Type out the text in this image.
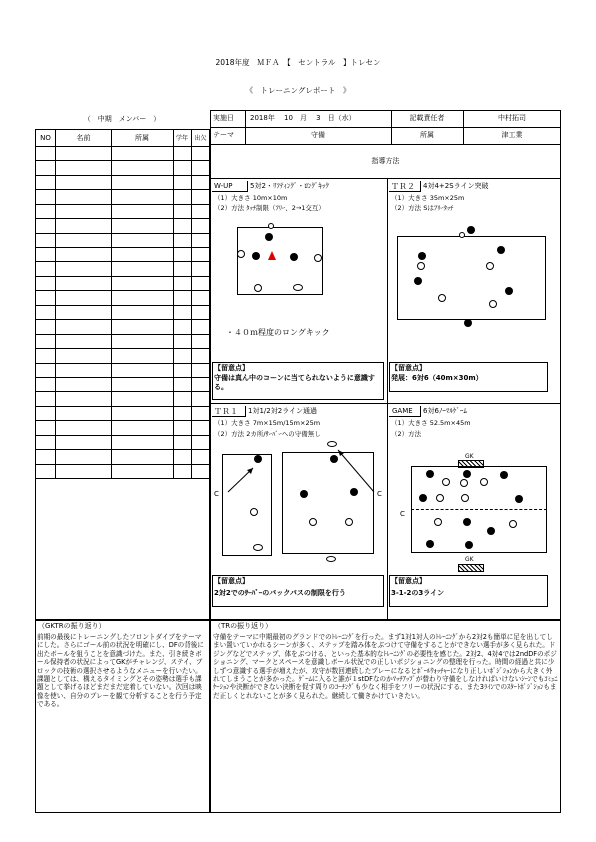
2018年度　ＭＦＡ　【　セントラル　】トレセン
《　トレーニングレポート　》
（　中期　メンバー　）
NO	名前	所属	学年	出欠
実施日 2018年　 10　月　 3　日（水）	記載責任者	中村拓司
テーマ	守備	所属	津工業
指導方法
W-UP 5対2・ﾘﾌﾃｨﾝｸﾞ・ﾛﾝｸﾞｷｯｸ
（1）大きさ 10m×10m
（2）方法 ﾀｯﾁ制限（ﾌﾘｰ、2→1交互）
・４０ｍ程度のロングキック
【留意点】
守備は真ん中のコーンに当てられないように意識する。
ＴＲ２ 4対4+2Sライン突破
（1）大きさ 35m×25m
（2）方法 Sはﾌﾘｰﾀｯﾁ
【留意点】
発展：6対6（40m×30m）
ＴＲ１ 1対1/2対2ライン通過
（1）大きさ 7m×15m/15m×25m
（2）方法 2カ所/ｻｰﾊﾞｰへの守備無し
C	C
【留意点】
2対2でのｻｰﾊﾞｰのバックパスの制限を行う
GAME 6対6ﾉｰﾏﾙｹﾞｰﾑ
（1）大きさ 52.5m×45m
（2）方法
GK
GK
C
【留意点】
3-1-2の3ライン
（GKTRの振り返り）
前期の最後にトレーニングしたフロントダイブをテーマにした。さらにゴール前の状況を明確にし、DFの背後に出たボールを狙うことを意識づけた。また、引き続きボール保持者の状況によってGKがチャレンジ、ステイ、ブロックの技術の選択させるようなメニューを行いたい。課題としては、構えるタイミングとその姿勢は選手も課題として挙げるほどまだまだ定着していない。次回は映像を使い、自分のプレーを観て分析することを行う予定である。
（TRの振り返り）
守備をテーマに中期最初のグランドでのﾄﾚｰﾆﾝｸﾞを行った。まず1対1対人のﾄﾚｰﾆﾝｸﾞから2対2も簡単に足を出してしまい置いていかれるシーンが多く、ステップを踏み体をぶつけて守備をすることができない選手が多く見られた。ドジングなどでステップ、体をぶつける、といった基本的なﾄﾚｰﾆﾝｸﾞの必要性を感じた。2対2、4対4では2ndDFのポジショニング、マークとスペースを意識しボール状況での正しいポジショニングの整理を行った。時間の経過と共に少しずつ意識する選手が増えたが、攻守が数回連続したプレーになるとﾎﾞｰﾙｳｫｯﾁｬｰになり正しいﾎﾟｼﾞｼｮﾝから大きく外れてしまうことが多かった。ｹﾞｰﾑに入ると誰が１stDFなのかﾏｯﾁｱｯﾌﾟが替わり守備をしなければいけないｼｰﾝでもｺﾐｭﾆｹｰｼｮﾝや決断ができない決断を促す周りのｺｰﾁﾝｸﾞも少なく相手をフリーの状況にする、また3ﾗｲﾝでのｽﾀｰﾄﾎﾟｼﾞｼｮﾝもまだ正しくとれないことが多く見られた。継続して働きかけていきたい。
